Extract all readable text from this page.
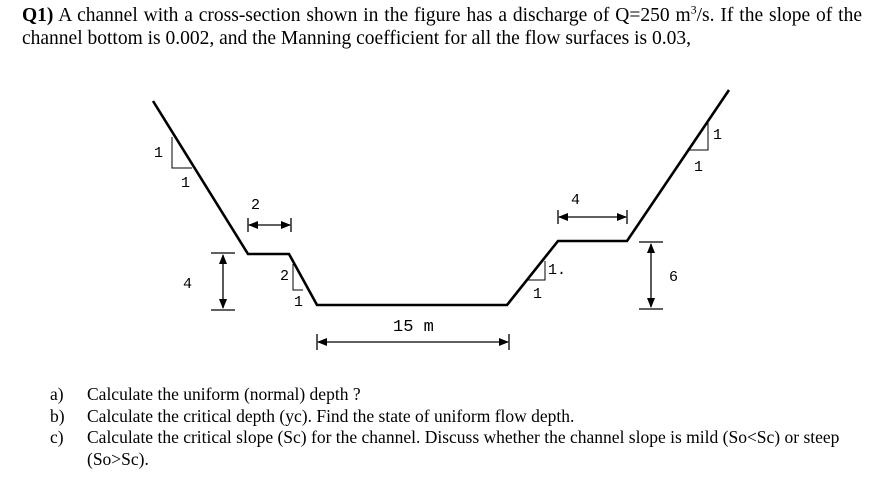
Q1) A channel with a cross-section shown in the figure has a discharge of Q=250 $m^3/s$. If the slope of the channel bottom is 0.002, and the Manning coefficient for all the flow surfaces is 0.03,
1
1
2
4	2
1
15 m
1.
1
4
6
1
1
a) Calculate the uniform (normal) depth ?
b) Calculate the critical depth (yc). Find the state of uniform flow depth.
c) Calculate the critical slope (Sc) for the channel. Discuss whether the channel slope is mild (So<Sc) or steep (So>Sc).
